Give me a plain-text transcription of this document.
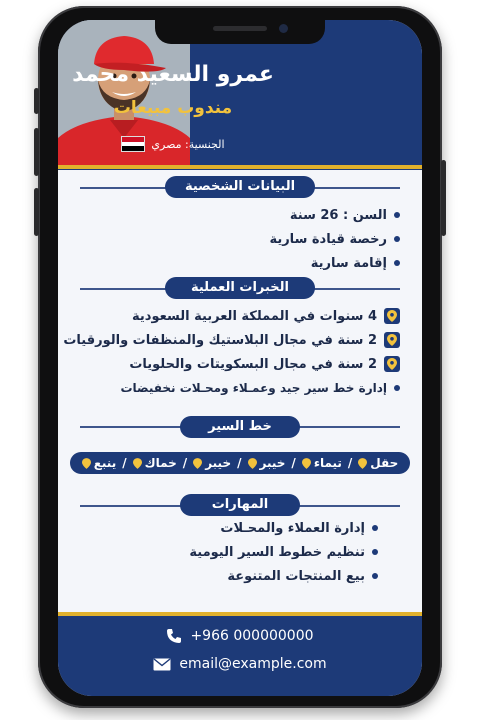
عمرو السعيد محمد
مندوب مبيعات
الجنسية: مصري
البيانات الشخصية
السن : 26 سنة
رخصة قيادة سارية
إقامة سارية
الخبرات العملية
4 سنوات في المملكة العربية السعودية
2 سنة في مجال البلاستيك والمنظفات والورقيات
2 سنة في مجال البسكويتات والحلويات
إدارة خط سير جيد وعمـلاء ومحـلات نخفيضات
خط السير
حقل
/
تيماء
/
خيبر
/
خيبر
/
خماك
/
ينبع
المهارات
إدارة العملاء والمحـلات
تنظيم خطوط السير اليومية
بيع المنتجات المتنوعة
+966 000000000
email@example.com
